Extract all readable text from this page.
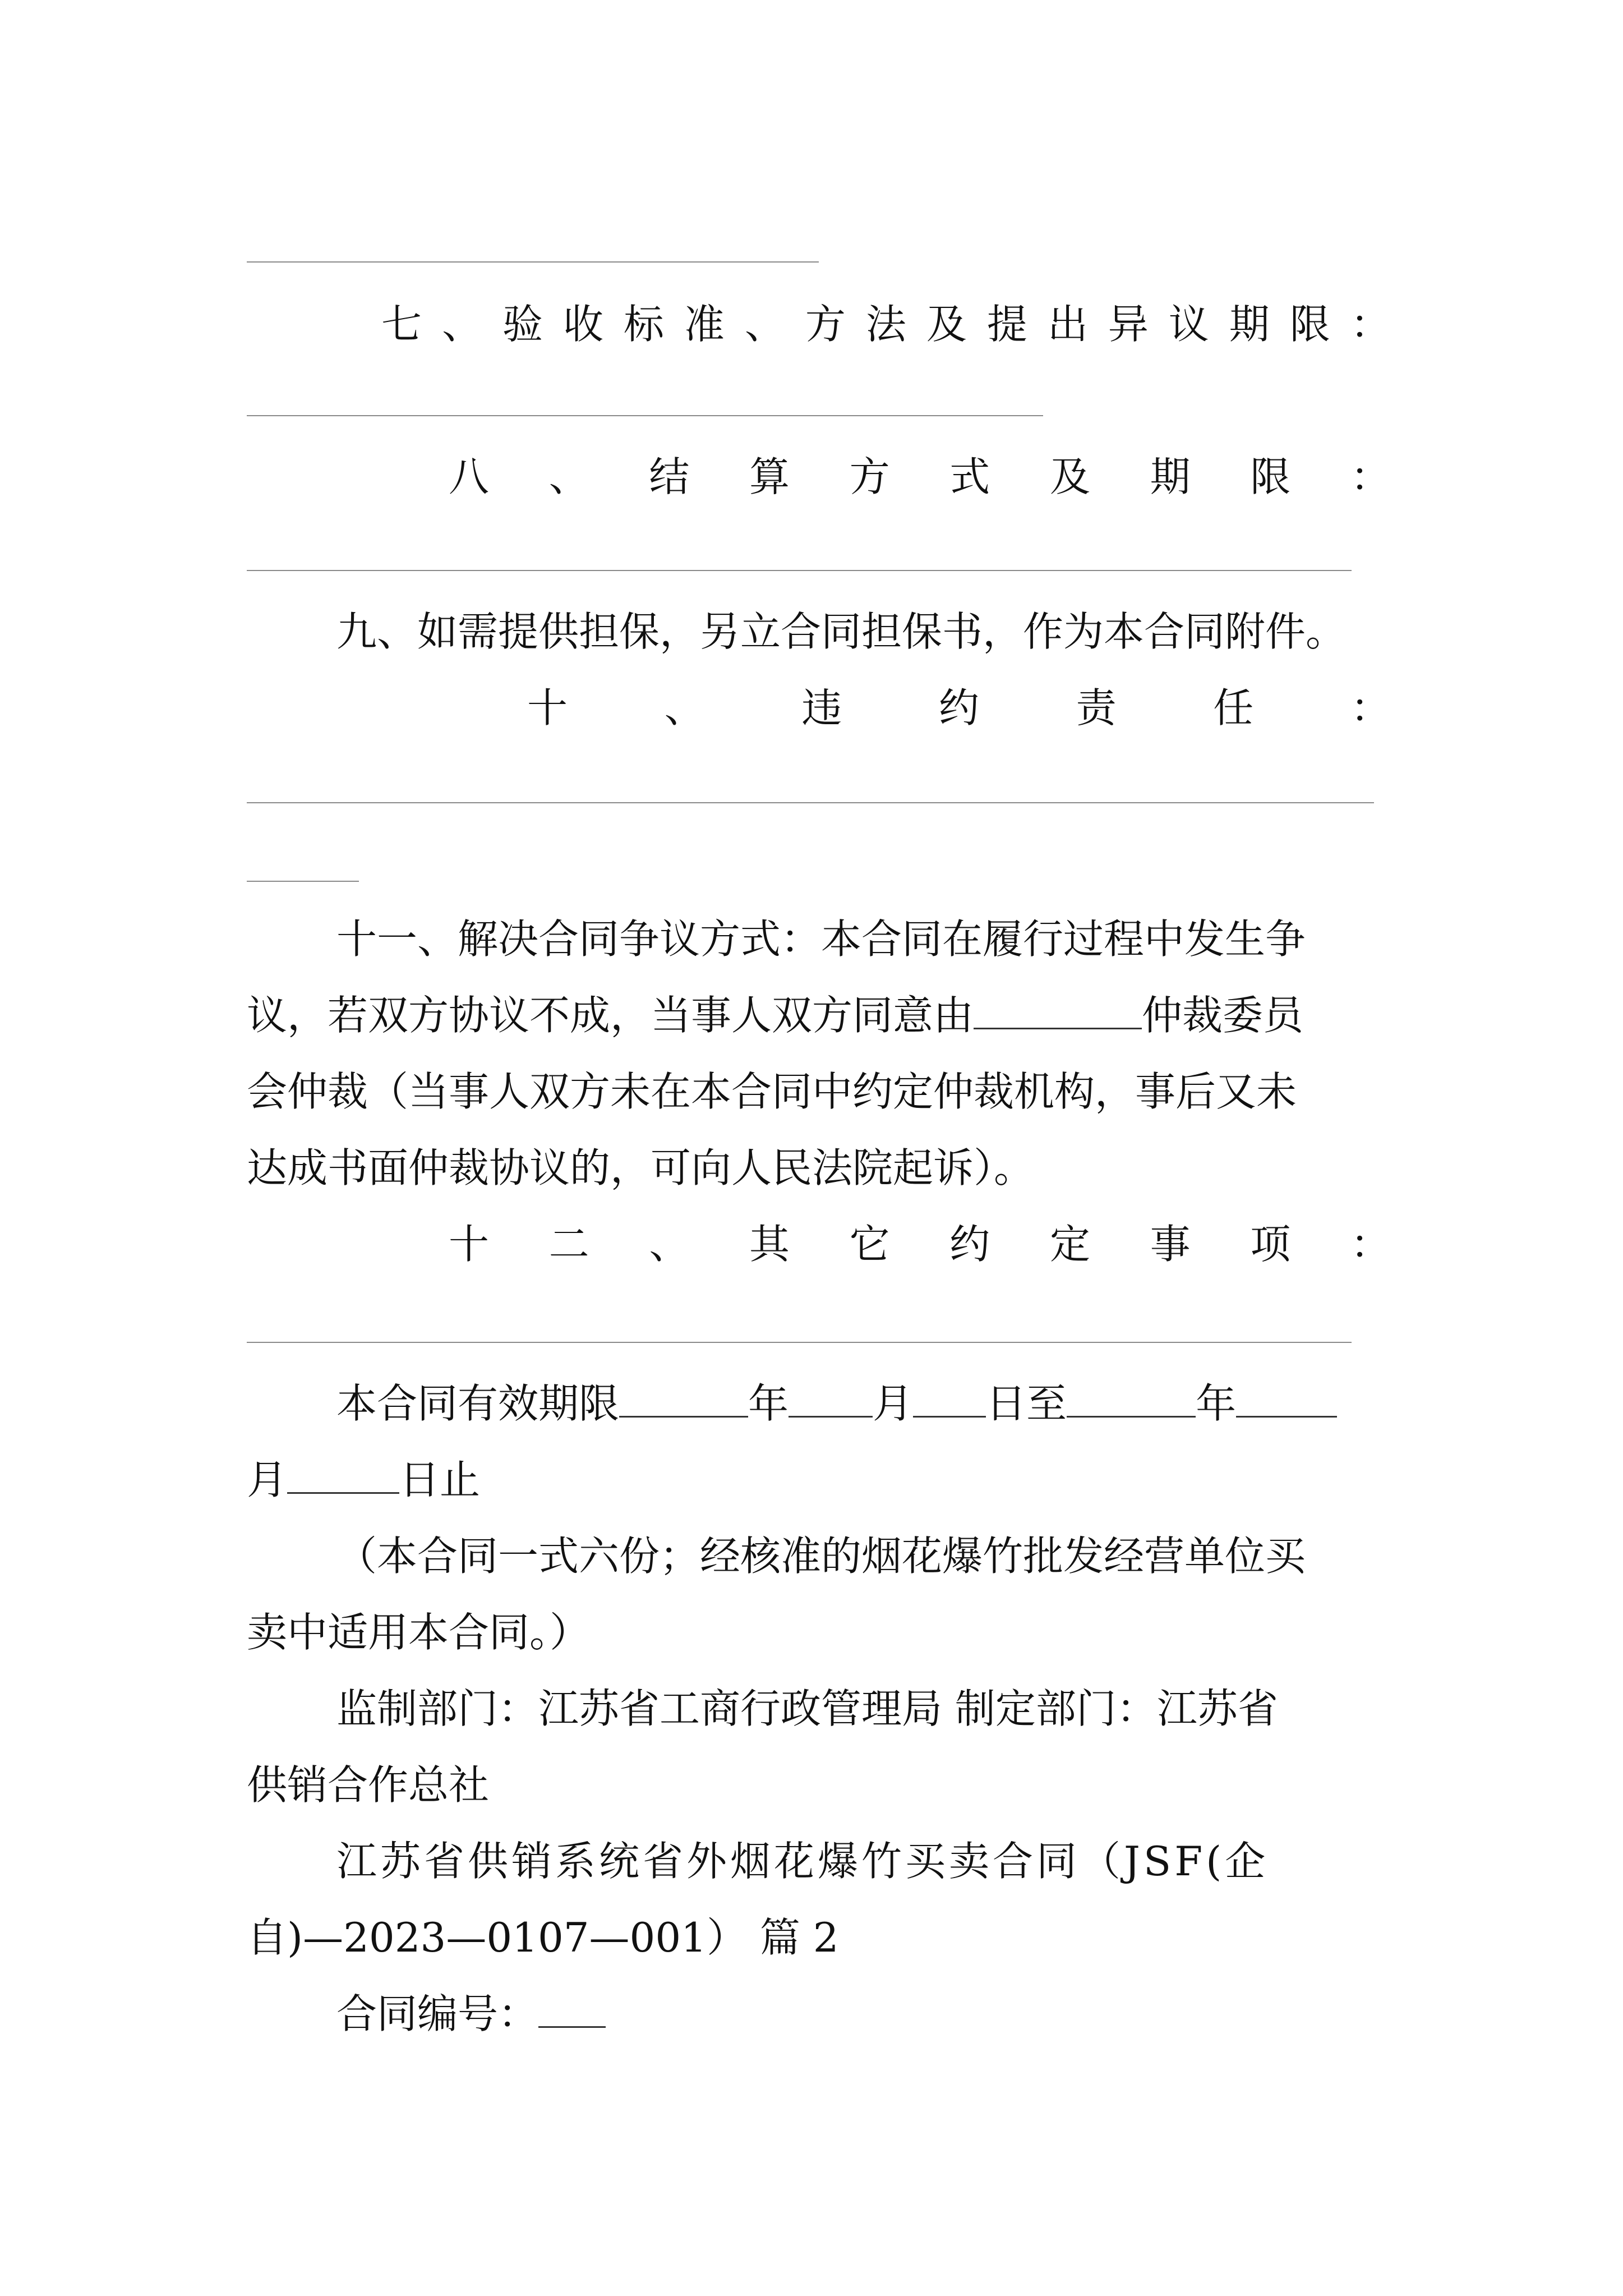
七 、 验 收 标 准 、 方 法 及 提 出 异 议 期 限 ：
八 、 结 算 方 式 及 期 限 ：
九、如需提供担保，另立合同担保书，作为本合同附件。
十 、 违 约 责 任 ：
十一、解决合同争议方式：本合同在履行过程中发生争
议，若双方协议不成，当事人双方同意由	仲裁委员
会仲裁（当事人双方未在本合同中约定仲裁机构，事后又未
达成书面仲裁协议的，可向人民法院起诉）。
十 二 、 其 它 约 定 事 项 ：
本合同有效期限	年 月 日至	年
月	日止
（本合同一式六份；经核准的烟花爆竹批发经营单位买
卖中适用本合同。）
监制部门：江苏省工商行政管理局 制定部门：江苏省
供销合作总社
江苏省供销系统省外烟花爆竹买卖合同（JSF(企
自)—2023—0107—001） 篇 2
合同编号：
